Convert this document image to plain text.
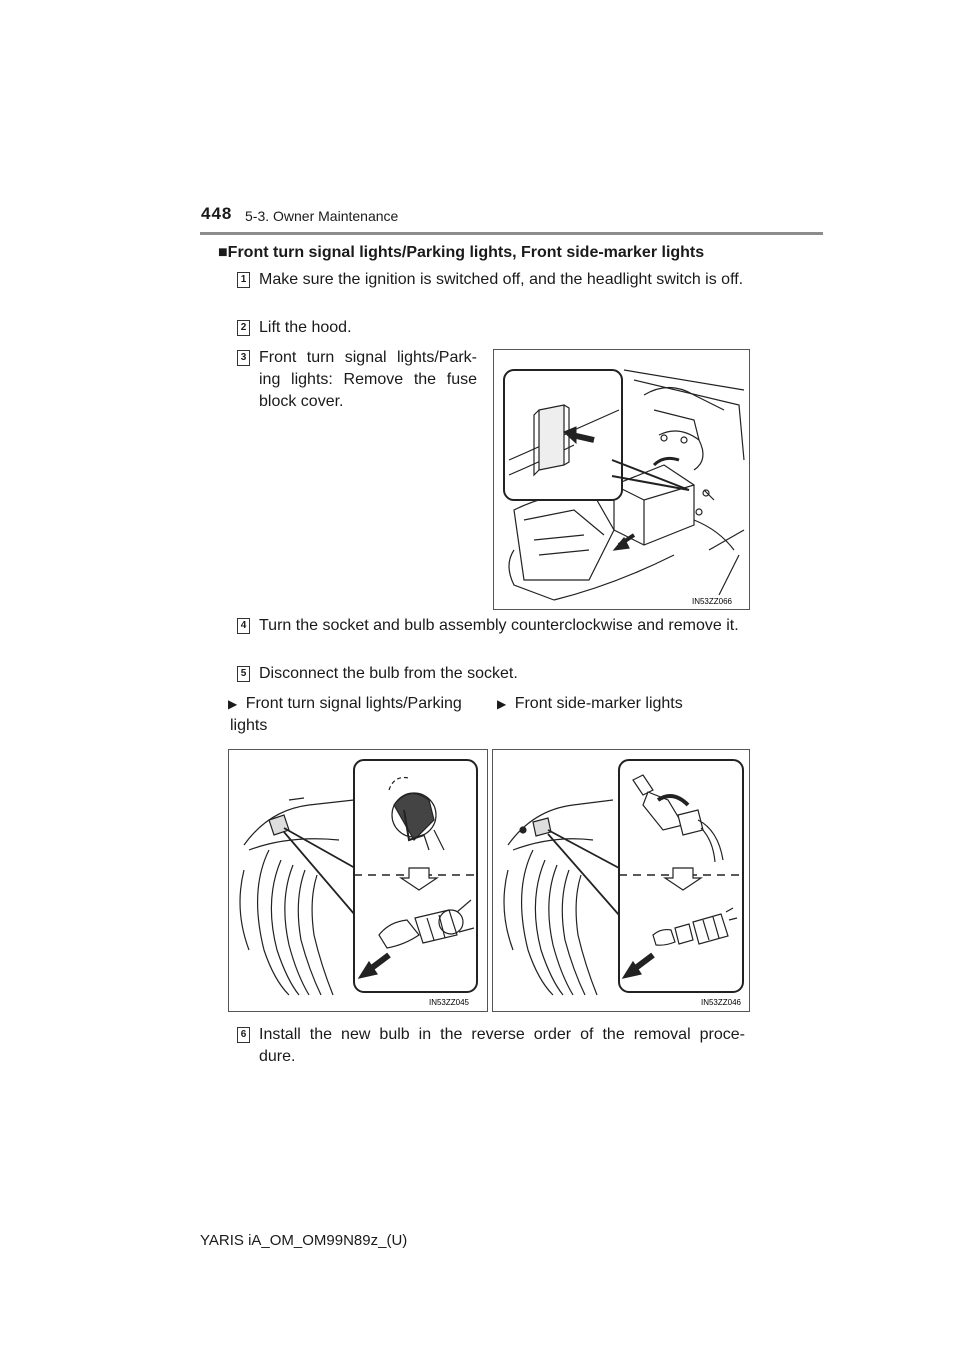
448 5-3. Owner Maintenance
■Front turn signal lights/Parking lights, Front side-marker lights
1 Make sure the ignition is switched off, and the headlight switch is off.
2 Lift the hood.
3 Front turn signal lights/Park-
ing lights: Remove the fuse
block cover.
IN53ZZ066
4 Turn the socket and bulb assembly counterclockwise and remove it.
5 Disconnect the bulb from the socket.
▶ Front turn signal lights/Parking
lights
▶ Front side-marker lights
IN53ZZ045	IN53ZZ046
6 Install the new bulb in the reverse order of the removal proce-
dure.
YARIS iA_OM_OM99N89z_(U)
